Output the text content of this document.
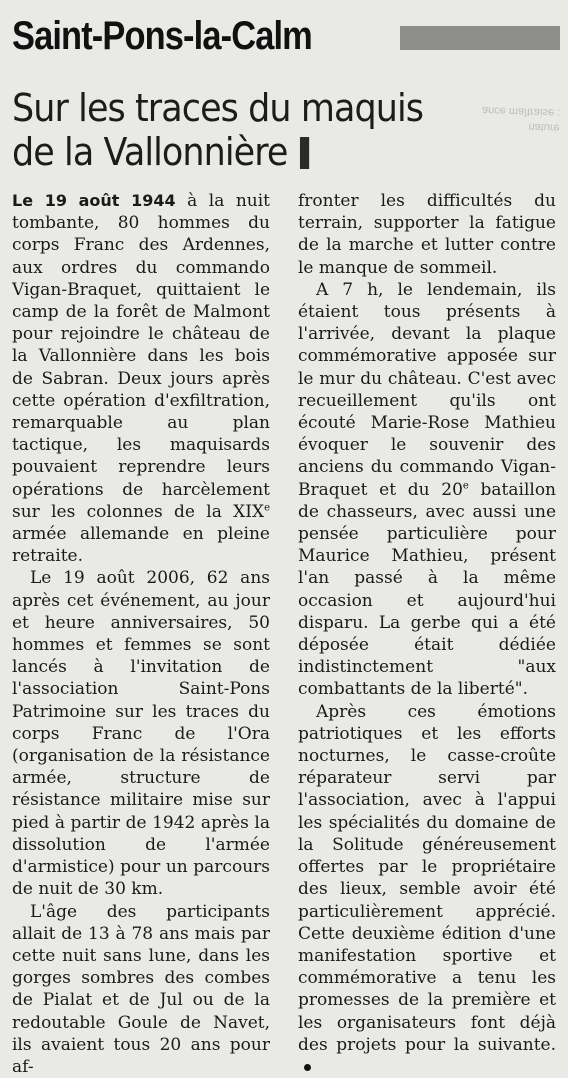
nature
ance maîtraise :
Saint-Pons-la-Calm
Sur les traces du maquis
de la Vallonnière

Le 19 août 1944 à la nuit tombante, 80 hommes du corps Franc des Ardennes, aux ordres du commando Vigan-Braquet, quittaient le camp de la forêt de Malmont pour rejoindre le château de la Vallonnière dans les bois de Sabran. Deux jours après cette opération d'exfiltration, remarquable au plan tactique, les maquisards pouvaient reprendre leurs opérations de harcèlement sur les colonnes de la XIXe armée allemande en pleine retraite.

Le 19 août 2006, 62 ans après cet événement, au jour et heure anniversaires, 50 hommes et femmes se sont lancés à l'invitation de l'association Saint-Pons Patrimoine sur les traces du corps Franc de l'Ora (organisation de la résistance armée, structure de résistance militaire mise sur pied à partir de 1942 après la dissolution de l'armée d'armistice) pour un parcours de nuit de 30 km.

L'âge des participants allait de 13 à 78 ans mais par cette nuit sans lune, dans les gorges sombres des combes de Pialat et de Jul ou de la redoutable Goule de Navet, ils avaient tous 20 ans pour af-

fronter les difficultés du terrain, supporter la fatigue de la marche et lutter contre le manque de sommeil.

A 7 h, le lendemain, ils étaient tous présents à l'arrivée, devant la plaque commémorative apposée sur le mur du château. C'est avec recueillement qu'ils ont écouté Marie-Rose Mathieu évoquer le souvenir des anciens du commando Vigan-Braquet et du 20e bataillon de chasseurs, avec aussi une pensée particulière pour Maurice Mathieu, présent l'an passé à la même occasion et aujourd'hui disparu. La gerbe qui a été déposée était dédiée indistinctement "aux combattants de la liberté".

Après ces émotions patriotiques et les efforts nocturnes, le casse-croûte réparateur servi par l'association, avec à l'appui les spécialités du domaine de la Solitude généreusement offertes par le propriétaire des lieux, semble avoir été particulièrement apprécié. Cette deuxième édition d'une manifestation sportive et commémorative a tenu les promesses de la première et les organisateurs font déjà des projets pour la suivante.
